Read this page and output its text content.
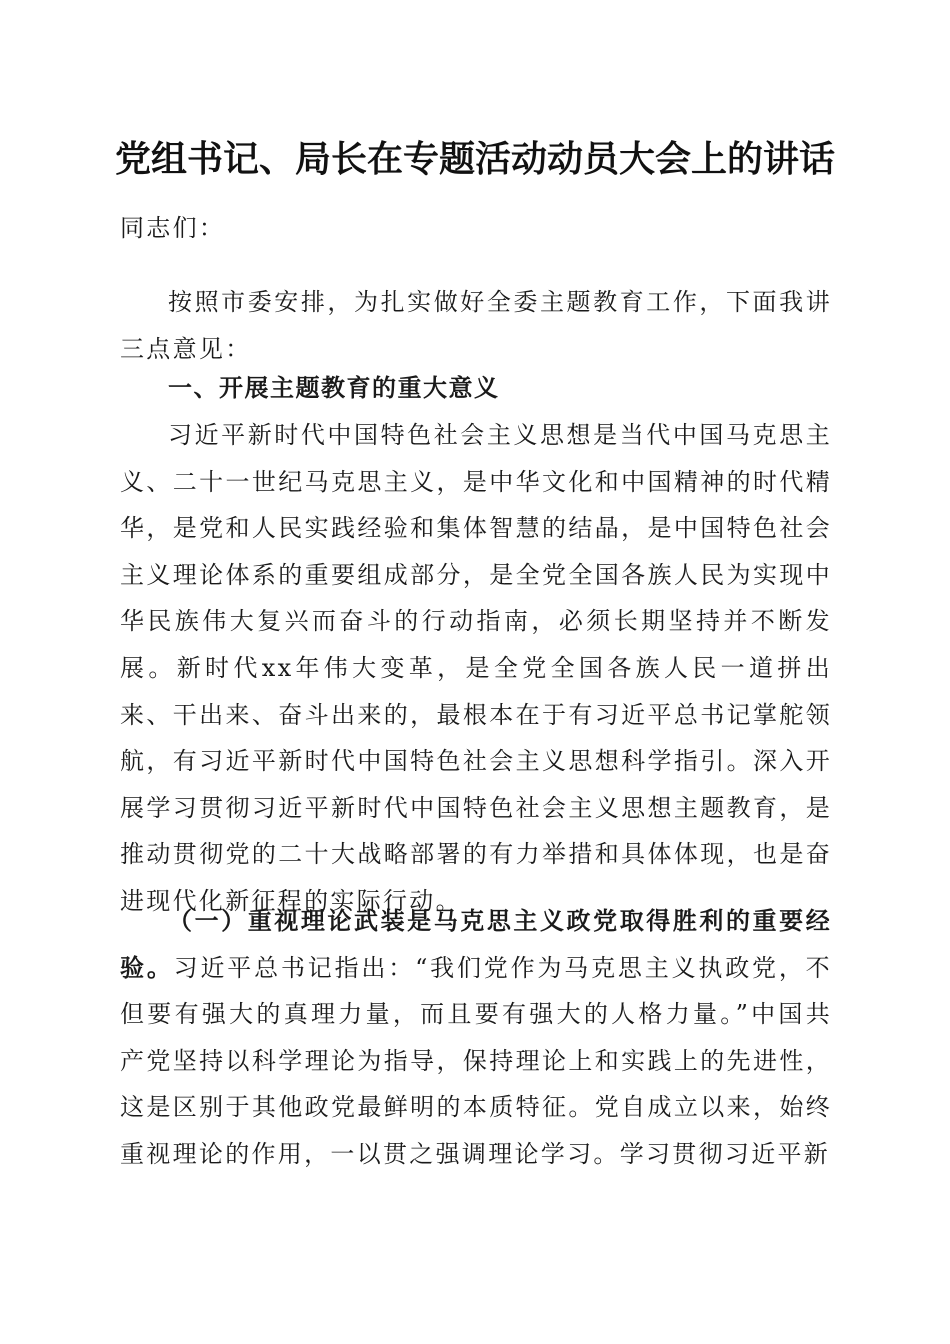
党组书记、局长在专题活动动员大会上的讲话

同志们：

按照市委安排，为扎实做好全委主题教育工作，下面我讲三点意见：

一、开展主题教育的重大意义

习近平新时代中国特色社会主义思想是当代中国马克思主义、二十一世纪马克思主义，是中华文化和中国精神的时代精华，是党和人民实践经验和集体智慧的结晶，是中国特色社会主义理论体系的重要组成部分，是全党全国各族人民为实现中华民族伟大复兴而奋斗的行动指南，必须长期坚持并不断发展。新时代xx年伟大变革，是全党全国各族人民一道拼出来、干出来、奋斗出来的，最根本在于有习近平总书记掌舵领航，有习近平新时代中国特色社会主义思想科学指引。深入开展学习贯彻习近平新时代中国特色社会主义思想主题教育，是推动贯彻党的二十大战略部署的有力举措和具体体现，也是奋进现代化新征程的实际行动。

（一）重视理论武装是马克思主义政党取得胜利的重要经验。习近平总书记指出：“我们党作为马克思主义执政党，不但要有强大的真理力量，而且要有强大的人格力量。”中国共产党坚持以科学理论为指导，保持理论上和实践上的先进性，这是区别于其他政党最鲜明的本质特征。党自成立以来，始终重视理论的作用，一以贯之强调理论学习。学习贯彻习近平新
